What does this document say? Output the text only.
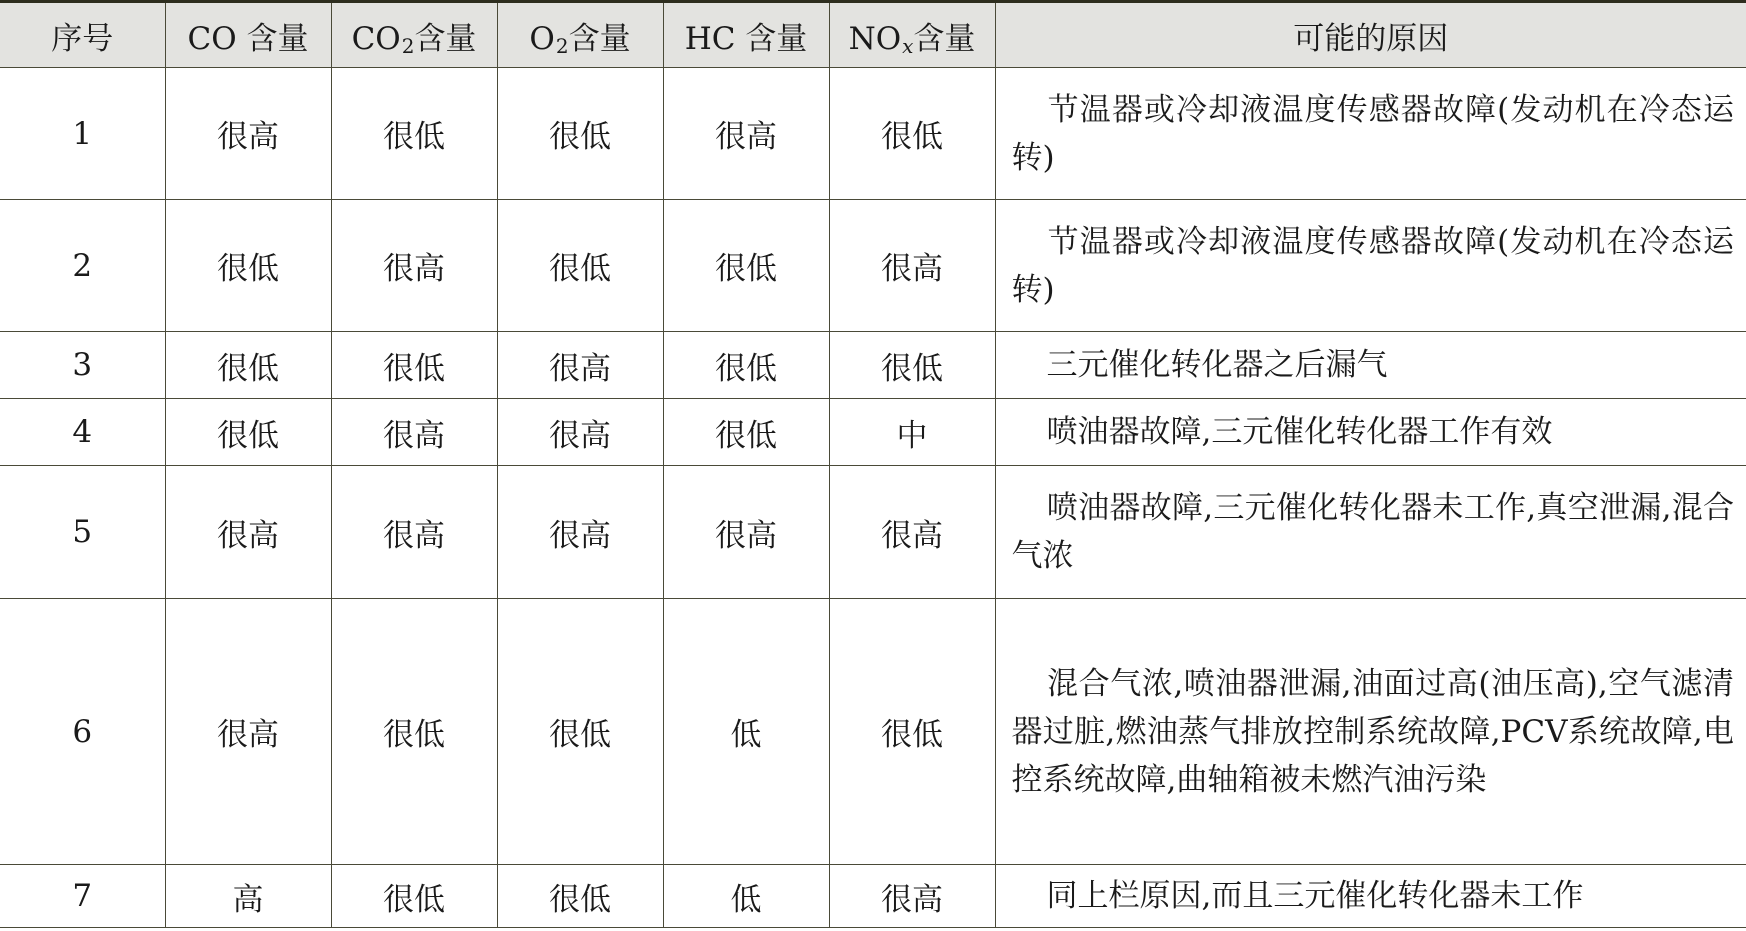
序号	CO 含量	$CO_2$含量	$O_2$含量	HC 含量	$NO_x$含量	可能的原因
1	很高	很低	很低	很高	很低	节温器或冷却液温度传感器故障(发动机在冷态运转)
2	很低	很高	很低	很低	很高	节温器或冷却液温度传感器故障(发动机在冷态运转)
3	很低	很低	很高	很低	很低	三元催化转化器之后漏气
4	很低	很高	很高	很低	中	喷油器故障,三元催化转化器工作有效
5	很高	很高	很高	很高	很高	喷油器故障,三元催化转化器未工作,真空泄漏,混合气浓
6	很高	很低	很低	低	很低	混合气浓,喷油器泄漏,油面过高(油压高),空气滤清器过脏,燃油蒸气排放控制系统故障,PCV系统故障,电控系统故障,曲轴箱被未燃汽油污染
7	高	很低	很低	低	很高	同上栏原因,而且三元催化转化器未工作
